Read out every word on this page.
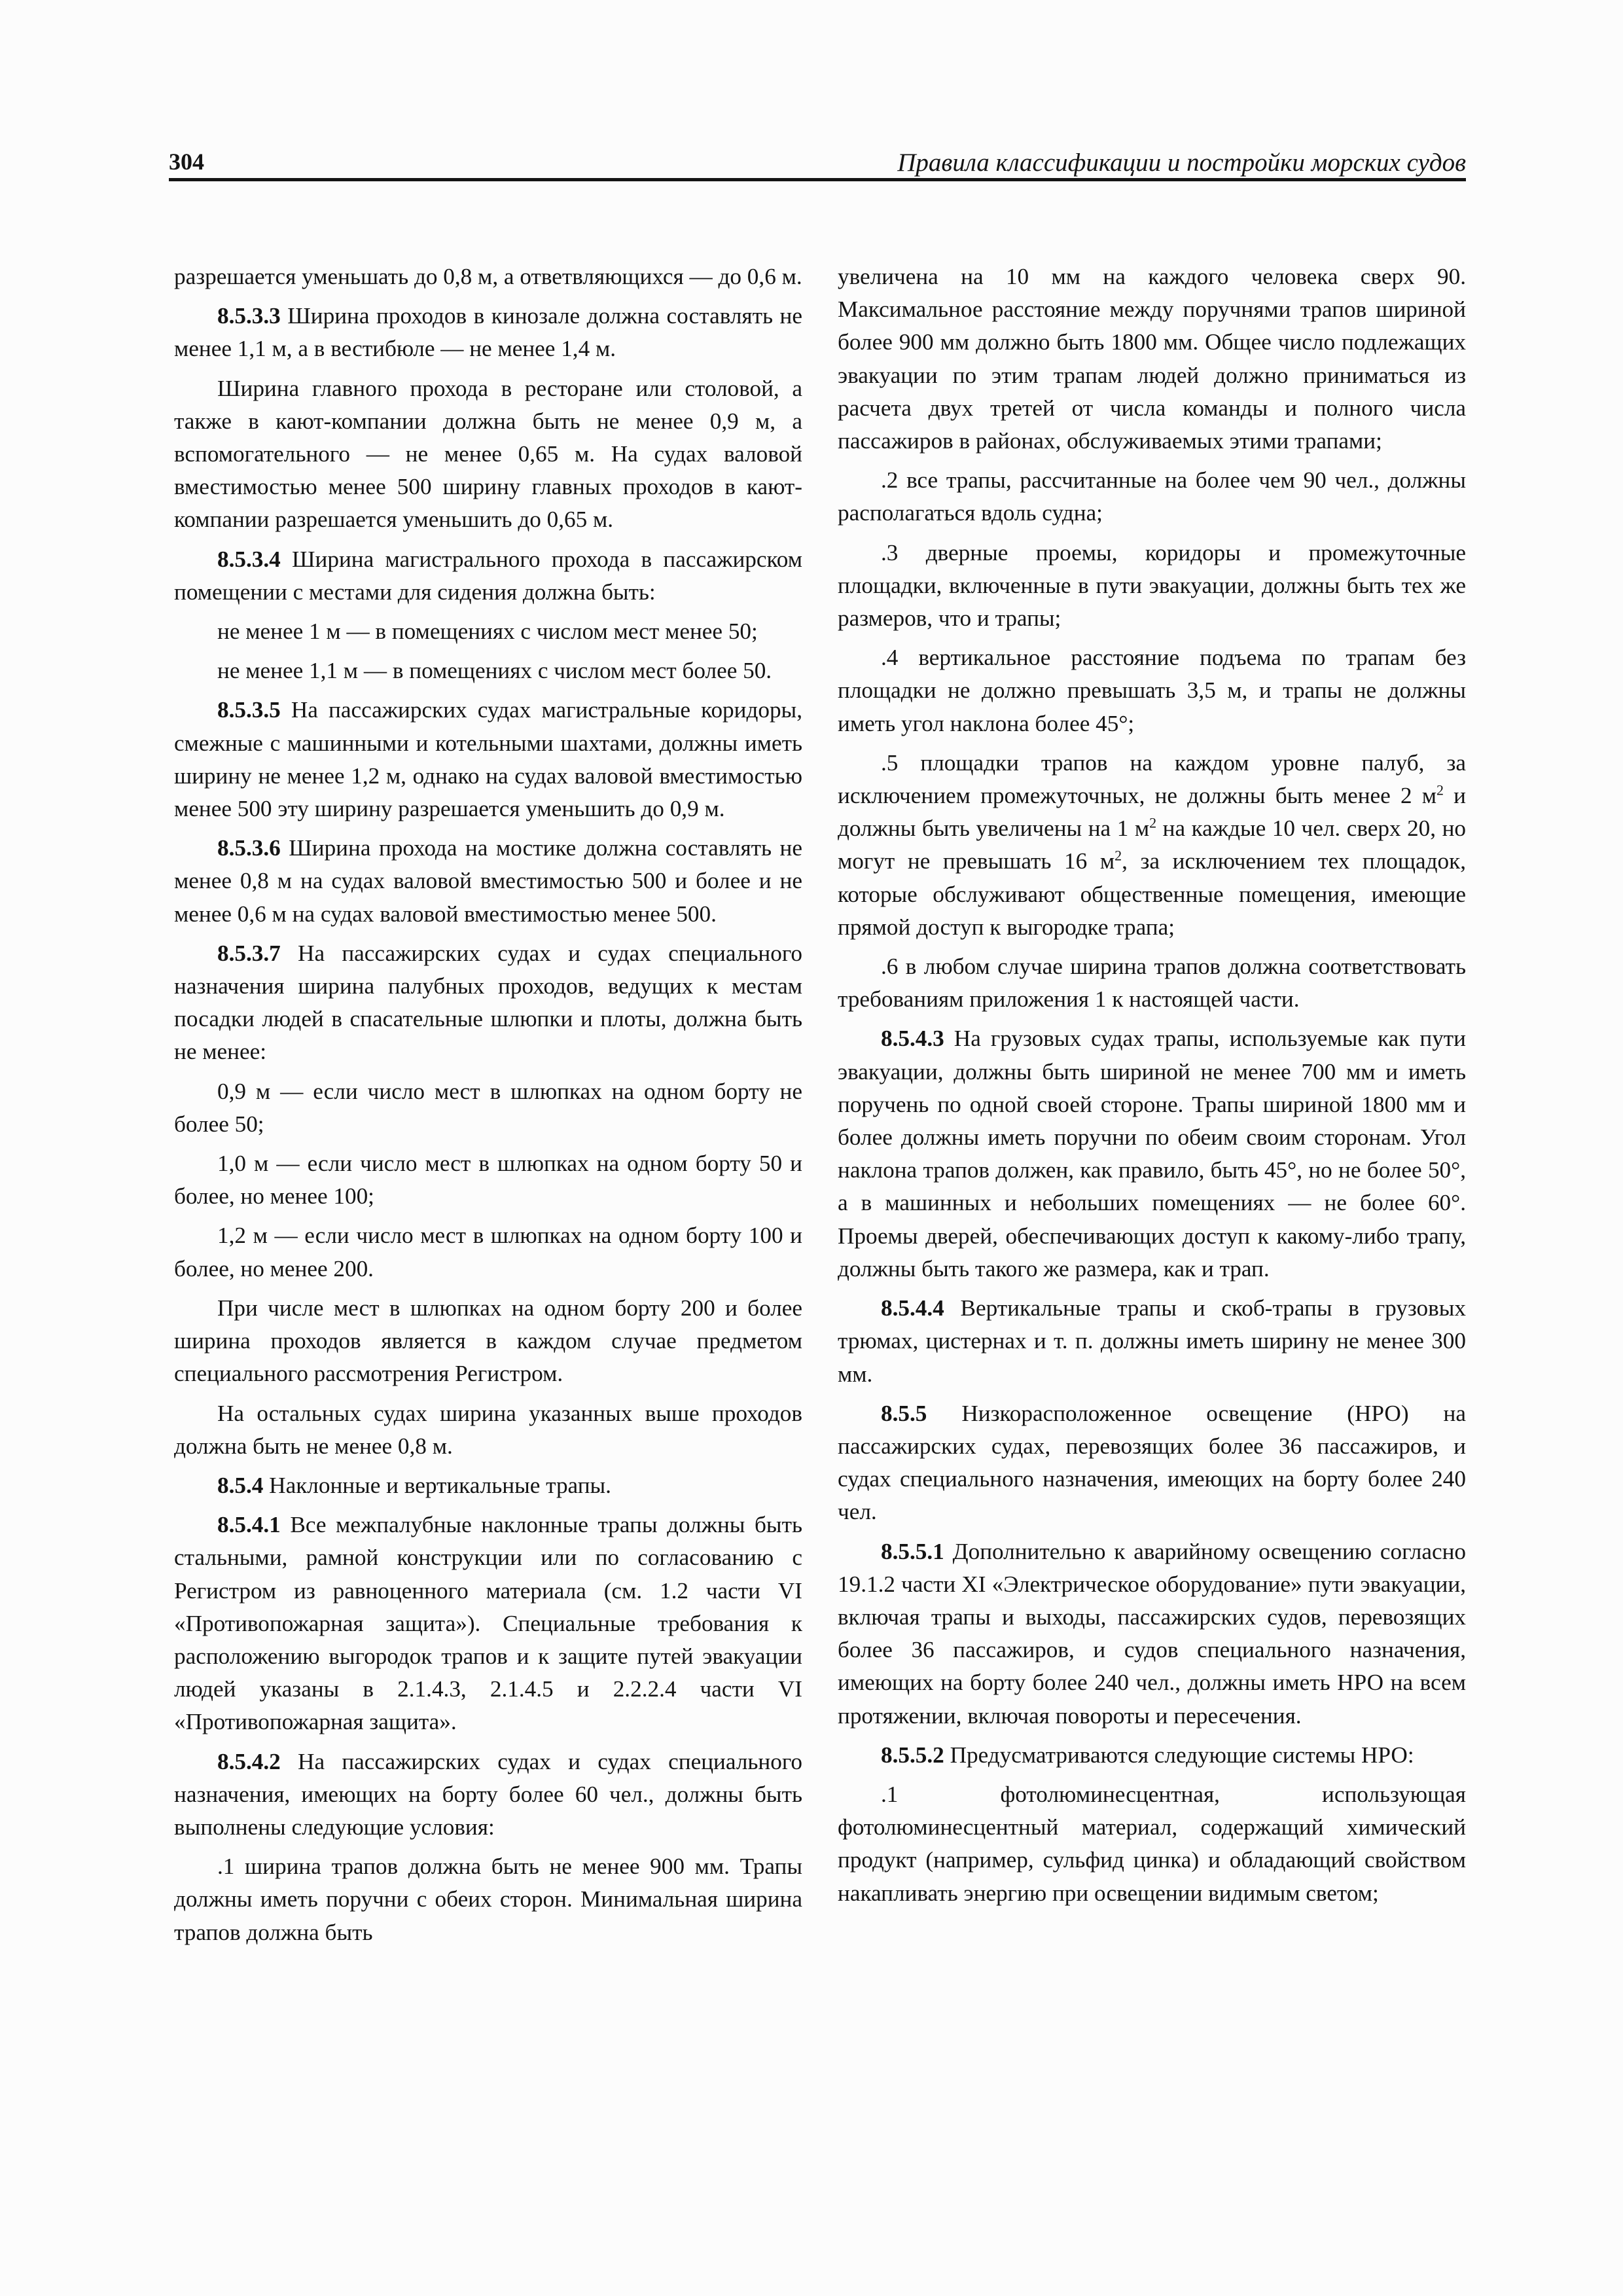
304	Правила классификации и постройки морских судов

разрешается уменьшать до 0,8 м, а ответвляющихся — до 0,6 м.

8.5.3.3 Ширина проходов в кинозале должна составлять не менее 1,1 м, а в вестибюле — не менее 1,4 м.

Ширина главного прохода в ресторане или столовой, а также в кают-компании должна быть не менее 0,9 м, а вспомогательного — не менее 0,65 м. На судах валовой вместимостью менее 500 ширину главных проходов в кают-компании разрешается уменьшить до 0,65 м.

8.5.3.4 Ширина магистрального прохода в пассажирском помещении с местами для сидения должна быть:

не менее 1 м — в помещениях с числом мест менее 50;

не менее 1,1 м — в помещениях с числом мест более 50.

8.5.3.5 На пассажирских судах магистральные коридоры, смежные с машинными и котельными шахтами, должны иметь ширину не менее 1,2 м, однако на судах валовой вместимостью менее 500 эту ширину разрешается уменьшить до 0,9 м.

8.5.3.6 Ширина прохода на мостике должна составлять не менее 0,8 м на судах валовой вместимостью 500 и более и не менее 0,6 м на судах валовой вместимостью менее 500.

8.5.3.7 На пассажирских судах и судах специального назначения ширина палубных проходов, ведущих к местам посадки людей в спасательные шлюпки и плоты, должна быть не менее:

0,9 м — если число мест в шлюпках на одном борту не более 50;

1,0 м — если число мест в шлюпках на одном борту 50 и более, но менее 100;

1,2 м — если число мест в шлюпках на одном борту 100 и более, но менее 200.

При числе мест в шлюпках на одном борту 200 и более ширина проходов является в каждом случае предметом специального рассмотрения Регистром.

На остальных судах ширина указанных выше проходов должна быть не менее 0,8 м.

8.5.4 Наклонные и вертикальные трапы.

8.5.4.1 Все межпалубные наклонные трапы должны быть стальными, рамной конструкции или по согласованию с Регистром из равноценного материала (см. 1.2 части VI «Противопожарная защита»). Специальные требования к расположению выгородок трапов и к защите путей эвакуации людей указаны в 2.1.4.3, 2.1.4.5 и 2.2.2.4 части VI «Противопожарная защита».

8.5.4.2 На пассажирских судах и судах специального назначения, имеющих на борту более 60 чел., должны быть выполнены следующие условия:

.1 ширина трапов должна быть не менее 900 мм. Трапы должны иметь поручни с обеих сторон. Минимальная ширина трапов должна быть

увеличена на 10 мм на каждого человека сверх 90. Максимальное расстояние между поручнями трапов шириной более 900 мм должно быть 1800 мм. Общее число подлежащих эвакуации по этим трапам людей должно приниматься из расчета двух третей от числа команды и полного числа пассажиров в районах, обслуживаемых этими трапами;

.2 все трапы, рассчитанные на более чем 90 чел., должны располагаться вдоль судна;

.3 дверные проемы, коридоры и промежуточные площадки, включенные в пути эвакуации, должны быть тех же размеров, что и трапы;

.4 вертикальное расстояние подъема по трапам без площадки не должно превышать 3,5 м, и трапы не должны иметь угол наклона более 45°;

.5 площадки трапов на каждом уровне палуб, за исключением промежуточных, не должны быть менее 2 $м^2$ и должны быть увеличены на 1 $м^2$ на каждые 10 чел. сверх 20, но могут не превышать 16 $м^2$, за исключением тех площадок, которые обслуживают общественные помещения, имеющие прямой доступ к выгородке трапа;

.6 в любом случае ширина трапов должна соответствовать требованиям приложения 1 к настоящей части.

8.5.4.3 На грузовых судах трапы, используемые как пути эвакуации, должны быть шириной не менее 700 мм и иметь поручень по одной своей стороне. Трапы шириной 1800 мм и более должны иметь поручни по обеим своим сторонам. Угол наклона трапов должен, как правило, быть 45°, но не более 50°, а в машинных и небольших помещениях — не более 60°. Проемы дверей, обеспечивающих доступ к какому-либо трапу, должны быть такого же размера, как и трап.

8.5.4.4 Вертикальные трапы и скоб-трапы в грузовых трюмах, цистернах и т. п. должны иметь ширину не менее 300 мм.

8.5.5 Низкорасположенное освещение (НРО) на пассажирских судах, перевозящих более 36 пассажиров, и судах специального назначения, имеющих на борту более 240 чел.

8.5.5.1 Дополнительно к аварийному освещению согласно 19.1.2 части XI «Электрическое оборудование» пути эвакуации, включая трапы и выходы, пассажирских судов, перевозящих более 36 пассажиров, и судов специального назначения, имеющих на борту более 240 чел., должны иметь НРО на всем протяжении, включая повороты и пересечения.

8.5.5.2 Предусматриваются следующие системы НРО:

.1 фотолюминесцентная, использующая фотолюминесцентный материал, содержащий химический продукт (например, сульфид цинка) и обладающий свойством накапливать энергию при освещении видимым светом;
